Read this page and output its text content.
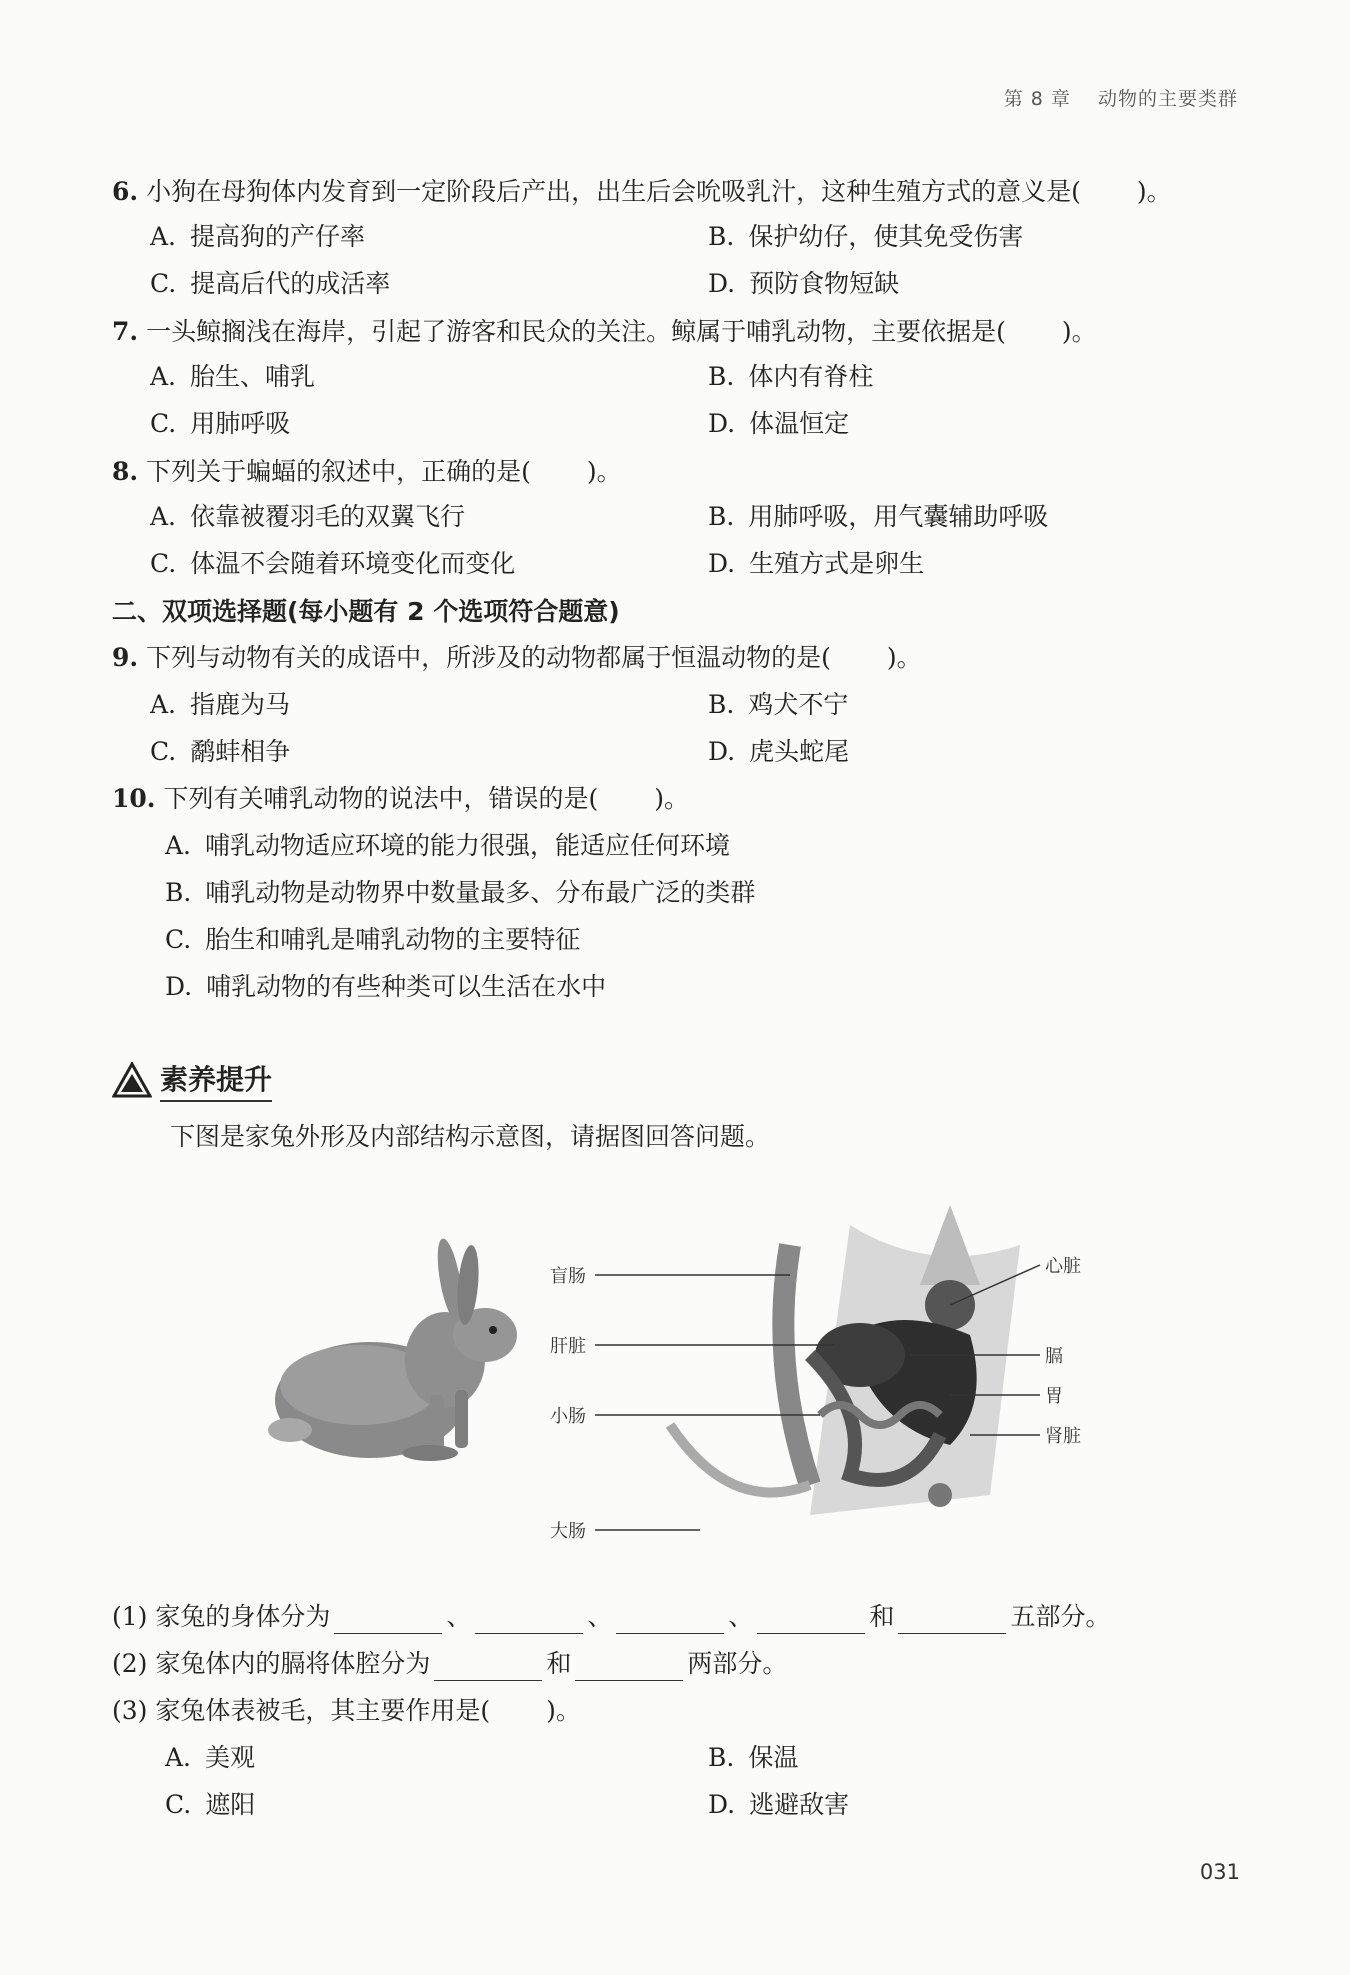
第 8 章 动物的主要类群
6. 小狗在母狗体内发育到一定阶段后产出，出生后会吮吸乳汁，这种生殖方式的意义是( )。
A. 提高狗的产仔率	B. 保护幼仔，使其免受伤害
C. 提高后代的成活率	D. 预防食物短缺
7. 一头鲸搁浅在海岸，引起了游客和民众的关注。鲸属于哺乳动物，主要依据是( )。
A. 胎生、哺乳	B. 体内有脊柱
C. 用肺呼吸	D. 体温恒定
8. 下列关于蝙蝠的叙述中，正确的是( )。
A. 依靠被覆羽毛的双翼飞行	B. 用肺呼吸，用气囊辅助呼吸
C. 体温不会随着环境变化而变化	D. 生殖方式是卵生
二、双项选择题(每小题有 2 个选项符合题意)
9. 下列与动物有关的成语中，所涉及的动物都属于恒温动物的是( )。
A. 指鹿为马	B. 鸡犬不宁
C. 鹬蚌相争	D. 虎头蛇尾
10. 下列有关哺乳动物的说法中，错误的是( )。
A. 哺乳动物适应环境的能力很强，能适应任何环境
B. 哺乳动物是动物界中数量最多、分布最广泛的类群
C. 胎生和哺乳是哺乳动物的主要特征
D. 哺乳动物的有些种类可以生活在水中
素养提升
下图是家兔外形及内部结构示意图，请据图回答问题。
盲肠
肝脏
小肠
大肠
心脏
膈
胃
肾脏
(1) 家兔的身体分为	、	、	、	和	五部分。
(2) 家兔体内的膈将体腔分为	和	两部分。
(3) 家兔体表被毛，其主要作用是( )。
A. 美观	B. 保温
C. 遮阳	D. 逃避敌害
031
